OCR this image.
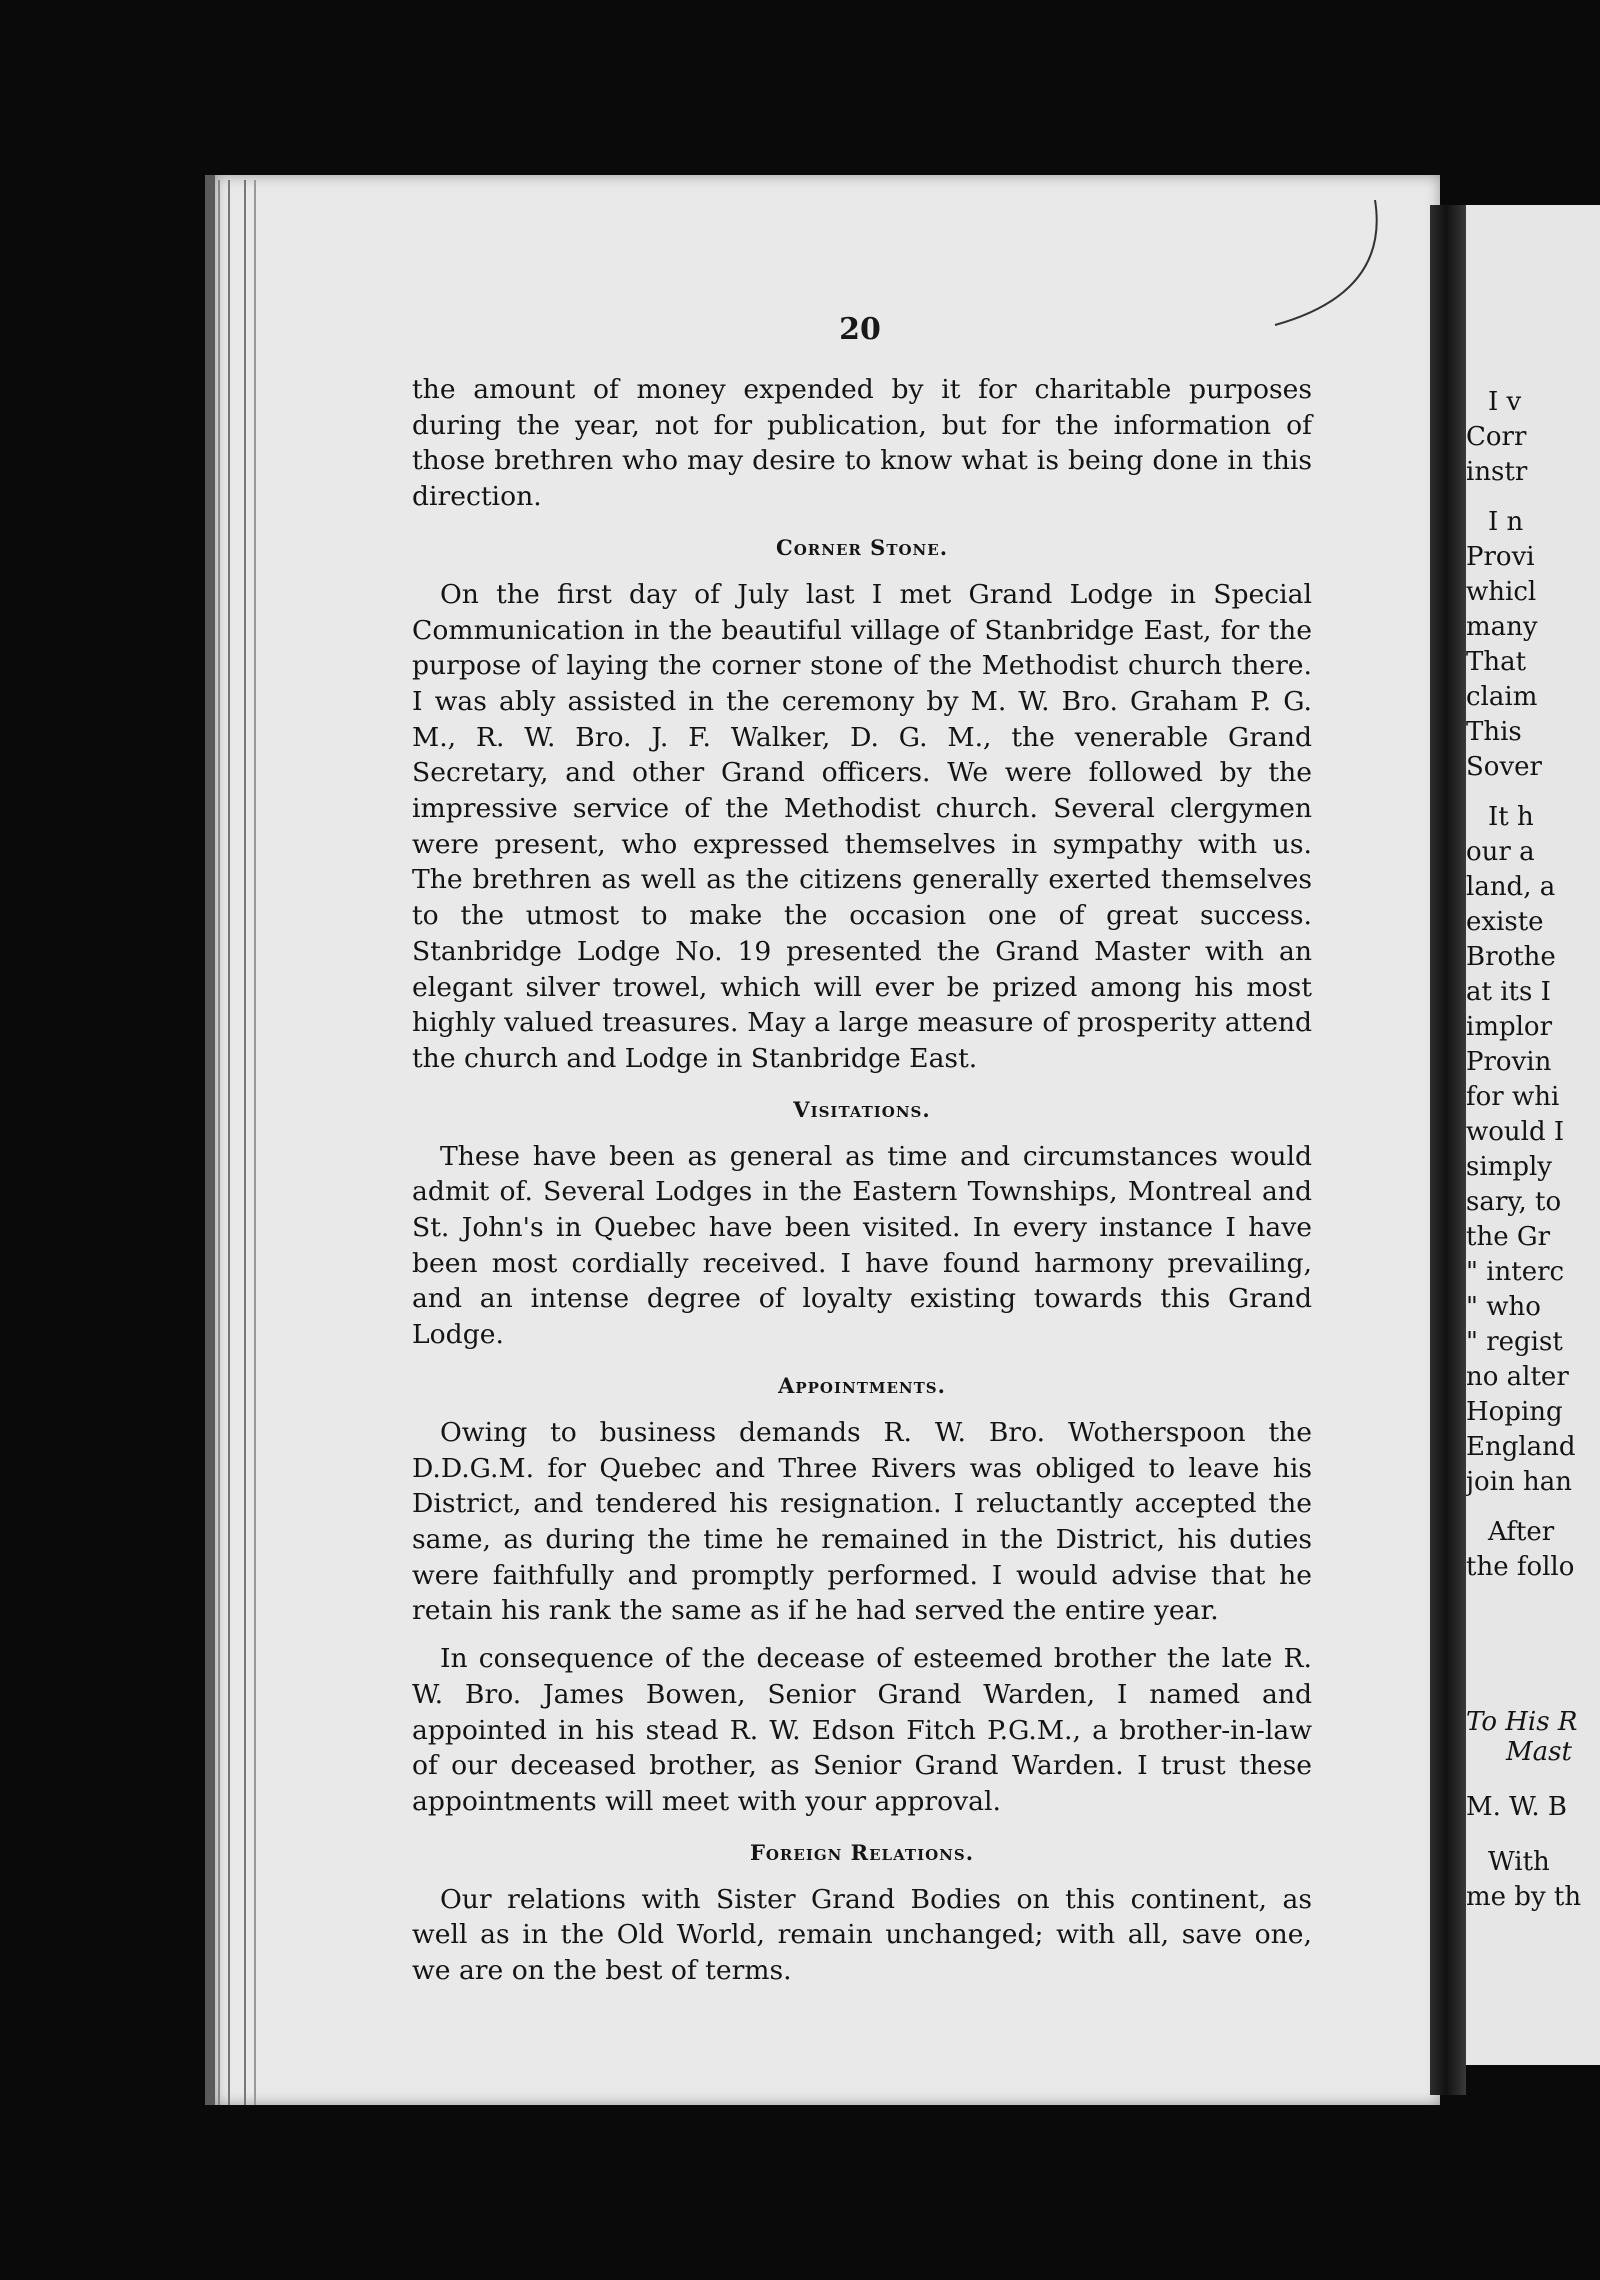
20

the amount of money expended by it for charitable purposes during the year, not for publication, but for the information of those brethren who may desire to know what is being done in this direction.

Corner Stone.

On the first day of July last I met Grand Lodge in Special Communication in the beautiful village of Stanbridge East, for the purpose of laying the corner stone of the Methodist church there. I was ably assisted in the ceremony by M. W. Bro. Graham P. G. M., R. W. Bro. J. F. Walker, D. G. M., the venerable Grand Secretary, and other Grand officers. We were followed by the impressive service of the Methodist church. Several clergymen were present, who expressed themselves in sympathy with us. The brethren as well as the citizens generally exerted themselves to the utmost to make the occasion one of great success. Stanbridge Lodge No. 19 presented the Grand Master with an elegant silver trowel, which will ever be prized among his most highly valued treasures. May a large measure of prosperity attend the church and Lodge in Stanbridge East.

Visitations.

These have been as general as time and circumstances would admit of. Several Lodges in the Eastern Townships, Montreal and St. John's in Quebec have been visited. In every instance I have been most cordially received. I have found harmony prevailing, and an intense degree of loyalty existing towards this Grand Lodge.

Appointments.

Owing to business demands R. W. Bro. Wotherspoon the D.D.G.M. for Quebec and Three Rivers was obliged to leave his District, and tendered his resignation. I reluctantly accepted the same, as during the time he remained in the District, his duties were faithfully and promptly performed. I would advise that he retain his rank the same as if he had served the entire year.

In consequence of the decease of esteemed brother the late R. W. Bro. James Bowen, Senior Grand Warden, I named and appointed in his stead R. W. Edson Fitch P.G.M., a brother-in-law of our deceased brother, as Senior Grand Warden. I trust these appointments will meet with your approval.

Foreign Relations.

Our relations with Sister Grand Bodies on this continent, as well as in the Old World, remain unchanged; with all, save one, we are on the best of terms.

I v
Corr
instr
I n
Provi
whicl
many
That
claim
This
Sover
It h
our a
land, a
existe
Brothe
at its I
implor
Provin
for whi
would I
simply
sary, to
the Gr
" interc
" who
" regist
no alter
Hoping
England
join han
After
the follo
To His R
Mast
M. W. B
With
me by th
